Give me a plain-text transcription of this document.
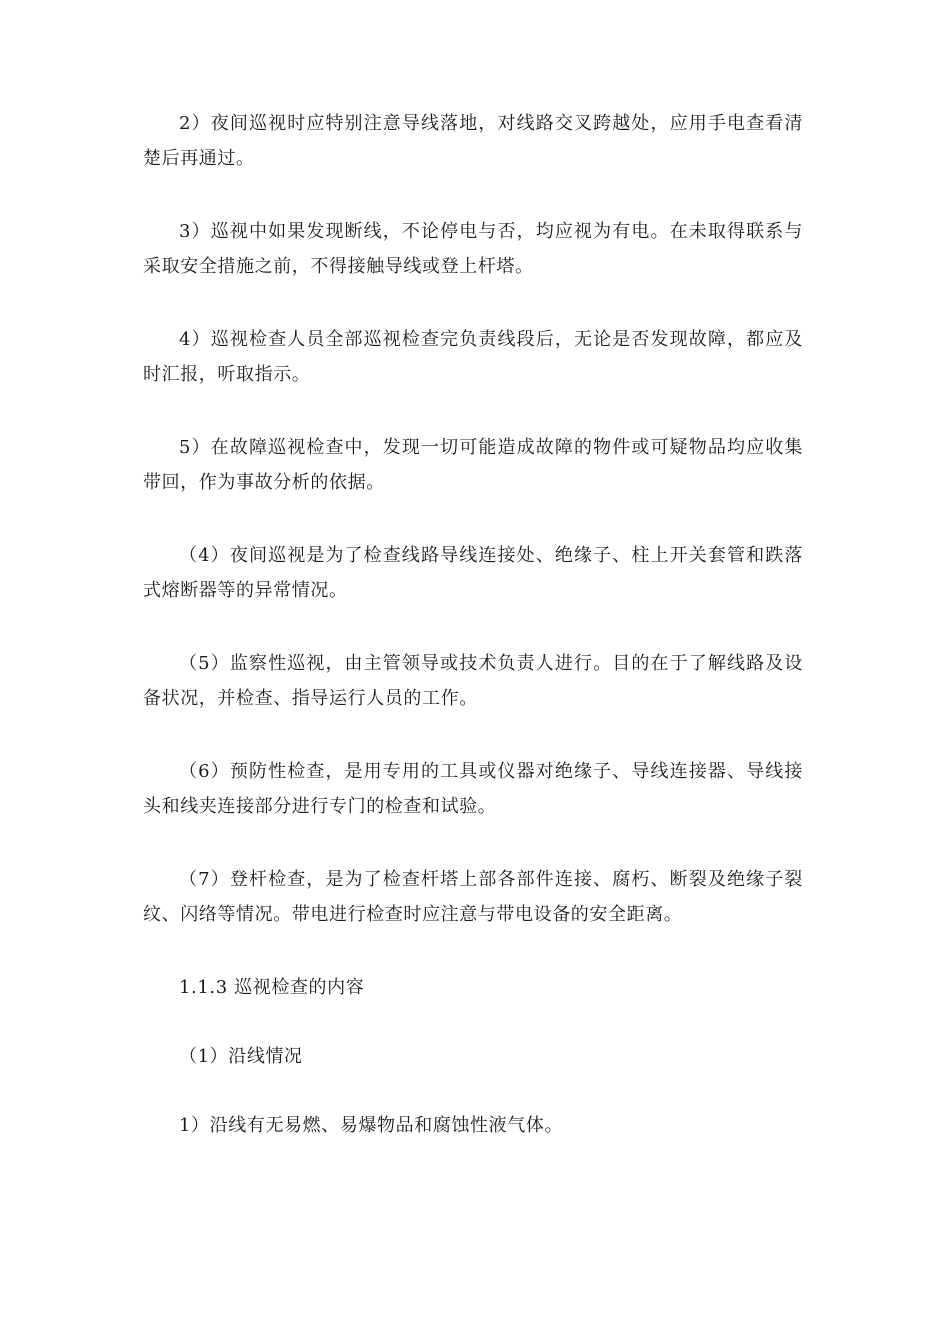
2）夜间巡视时应特别注意导线落地，对线路交叉跨越处，应用手电查看清楚后再通过。

3）巡视中如果发现断线，不论停电与否，均应视为有电。在未取得联系与采取安全措施之前，不得接触导线或登上杆塔。

4）巡视检查人员全部巡视检查完负责线段后，无论是否发现故障，都应及时汇报，听取指示。

5）在故障巡视检查中，发现一切可能造成故障的物件或可疑物品均应收集带回，作为事故分析的依据。

（4）夜间巡视是为了检查线路导线连接处、绝缘子、柱上开关套管和跌落式熔断器等的异常情况。

（5）监察性巡视，由主管领导或技术负责人进行。目的在于了解线路及设备状况，并检查、指导运行人员的工作。

（6）预防性检查，是用专用的工具或仪器对绝缘子、导线连接器、导线接头和线夹连接部分进行专门的检查和试验。

（7）登杆检查，是为了检查杆塔上部各部件连接、腐朽、断裂及绝缘子裂纹、闪络等情况。带电进行检查时应注意与带电设备的安全距离。

1.1.3 巡视检查的内容

（1）沿线情况

1）沿线有无易燃、易爆物品和腐蚀性液气体。
